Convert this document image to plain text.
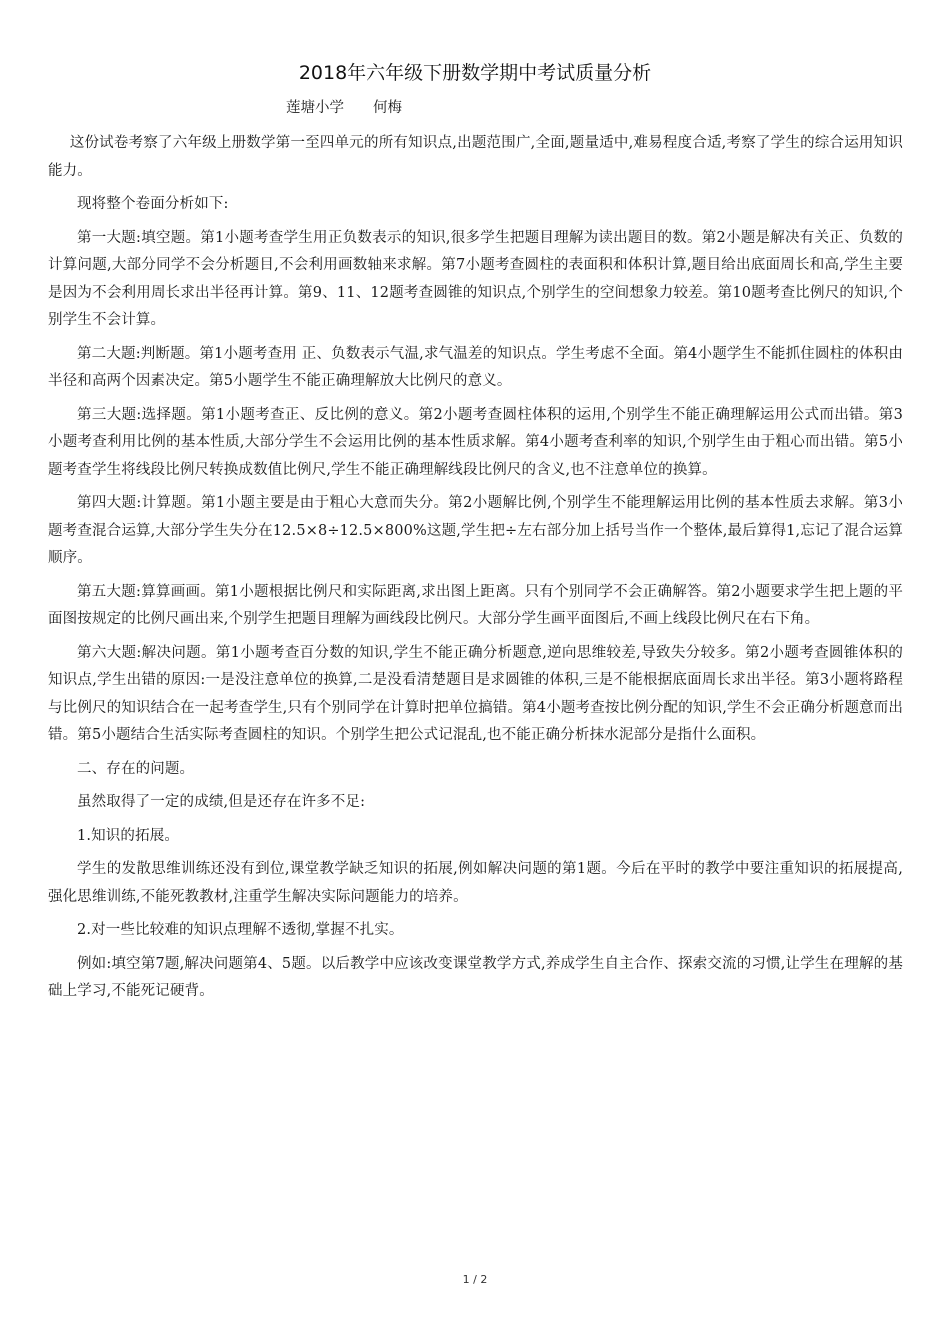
2018年六年级下册数学期中考试质量分析
莲塘小学　　何梅

这份试卷考察了六年级上册数学第一至四单元的所有知识点,出题范围广,全面,题量适中,难易程度合适,考察了学生的综合运用知识能力。

现将整个卷面分析如下:

第一大题:填空题。第1小题考查学生用正负数表示的知识,很多学生把题目理解为读出题目的数。第2小题是解决有关正、负数的计算问题,大部分同学不会分析题目,不会利用画数轴来求解。第7小题考查圆柱的表面积和体积计算,题目给出底面周长和高,学生主要是因为不会利用周长求出半径再计算。第9、11、12题考查圆锥的知识点,个别学生的空间想象力较差。第10题考查比例尺的知识,个别学生不会计算。

第二大题:判断题。第1小题考查用 正、负数表示气温,求气温差的知识点。学生考虑不全面。第4小题学生不能抓住圆柱的体积由半径和高两个因素决定。第5小题学生不能正确理解放大比例尺的意义。

第三大题:选择题。第1小题考查正、反比例的意义。第2小题考查圆柱体积的运用,个别学生不能正确理解运用公式而出错。第3小题考查利用比例的基本性质,大部分学生不会运用比例的基本性质求解。第4小题考查利率的知识,个别学生由于粗心而出错。第5小题考查学生将线段比例尺转换成数值比例尺,学生不能正确理解线段比例尺的含义,也不注意单位的换算。

第四大题:计算题。第1小题主要是由于粗心大意而失分。第2小题解比例,个别学生不能理解运用比例的基本性质去求解。第3小题考查混合运算,大部分学生失分在12.5×8÷12.5×800%这题,学生把÷左右部分加上括号当作一个整体,最后算得1,忘记了混合运算顺序。

第五大题:算算画画。第1小题根据比例尺和实际距离,求出图上距离。只有个别同学不会正确解答。第2小题要求学生把上题的平面图按规定的比例尺画出来,个别学生把题目理解为画线段比例尺。大部分学生画平面图后,不画上线段比例尺在右下角。

第六大题:解决问题。第1小题考查百分数的知识,学生不能正确分析题意,逆向思维较差,导致失分较多。第2小题考查圆锥体积的知识点,学生出错的原因:一是没注意单位的换算,二是没看清楚题目是求圆锥的体积,三是不能根据底面周长求出半径。第3小题将路程与比例尺的知识结合在一起考查学生,只有个别同学在计算时把单位搞错。第4小题考查按比例分配的知识,学生不会正确分析题意而出错。第5小题结合生活实际考查圆柱的知识。个别学生把公式记混乱,也不能正确分析抹水泥部分是指什么面积。

二、存在的问题。

虽然取得了一定的成绩,但是还存在许多不足:

1.知识的拓展。

学生的发散思维训练还没有到位,课堂教学缺乏知识的拓展,例如解决问题的第1题。今后在平时的教学中要注重知识的拓展提高,强化思维训练,不能死教教材,注重学生解决实际问题能力的培养。

2.对一些比较难的知识点理解不透彻,掌握不扎实。

例如:填空第7题,解决问题第4、5题。以后教学中应该改变课堂教学方式,养成学生自主合作、探索交流的习惯,让学生在理解的基础上学习,不能死记硬背。

1 / 2
